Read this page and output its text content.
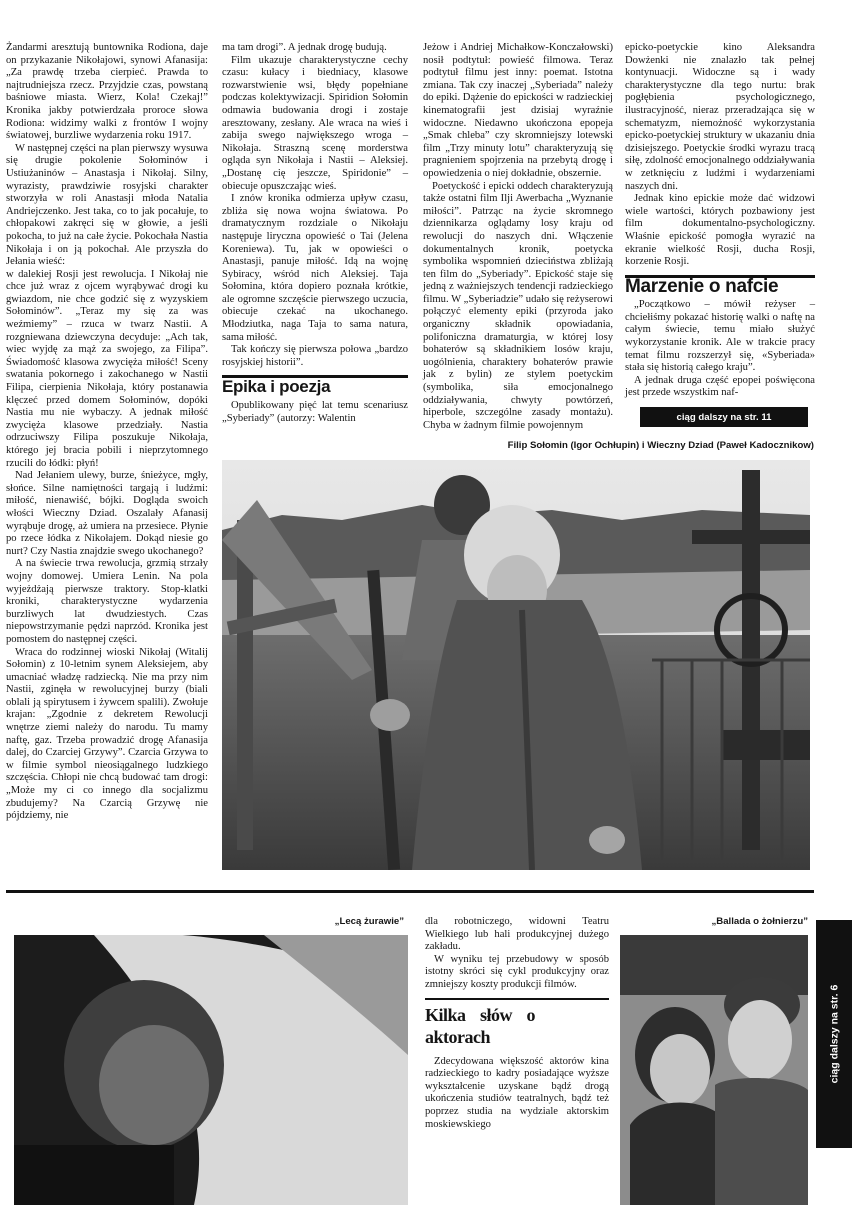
Żandarmi aresztują buntownika Rodiona, daje on przykazanie Nikołajowi, synowi Afanasija: „Za prawdę trzeba cierpieć. Prawda to najtrudniejsza rzecz. Przyjdzie czas, powstaną baśniowe miasta. Wierz, Kola! Czekaj!” Kronika jakby potwierdzała proroce słowa Rodiona: widzimy walki z frontów I wojny światowej, burzliwe wydarzenia roku 1917.

W następnej części na plan pierwszy wysuwa się drugie pokolenie Sołominów i Ustiużaninów – Anastasja i Nikołaj. Silny, wyrazisty, prawdziwie rosyjski charakter stworzyła w roli Anastasji młoda Natalia Andriejczenko. Jest taka, co to jak pocałuje, to chłopakowi zakręci się w głowie, a jeśli pokocha, to już na całe życie. Pokochała Nastia Nikołaja i on ją pokochał. Ale przyszła do Jełania wieść:

w dalekiej Rosji jest rewolucja. I Nikołaj nie chce już wraz z ojcem wyrąbywać drogi ku gwiazdom, nie chce godzić się z wyzyskiem Sołominów”. „Teraz my się za was weźmiemy” – rzuca w twarz Nastii. A rozgniewana dziewczyna decyduje: „Ach tak, wiec wyjdę za mąż za swojego, za Filipa”. Świadomość klasowa zwycięża miłość! Sceny swatania pokornego i zakochanego w Nastii Filipa, cierpienia Nikołaja, który postanawia klęczeć przed domem Sołominów, dopóki Nastia mu nie wybaczy. A jednak miłość zwycięża klasowe przedziały. Nastia odrzuciwszy Filipa poszukuje Nikołaja, którego jej bracia pobili i nieprzytomnego rzucili do łódki: płyń!

Nad Jełaniem ulewy, burze, śnieżyce, mgły, słońce. Silne namiętności targają i ludźmi: miłość, nienawiść, bójki. Dogląda swoich włości Wieczny Dziad. Oszalały Afanasij wyrąbuje drogę, aż umiera na przesiece. Płynie po rzece łódka z Nikołajem. Dokąd niesie go nurt? Czy Nastia znajdzie swego ukochanego?

A na świecie trwa rewolucja, grzmią strzały wojny domowej. Umiera Lenin. Na pola wyjeżdżają pierwsze traktory. Stop-klatki kroniki, charakterystyczne wydarzenia burzliwych lat dwudziestych. Czas niepowstrzymanie pędzi naprzód. Kronika jest pomostem do następnej części.

Wraca do rodzinnej wioski Nikołaj (Witalij Sołomin) z 10-letnim synem Aleksiejem, aby umacniać władzę radziecką. Nie ma przy nim Nastii, zginęła w rewolucyjnej burzy (biali oblali ją spirytusem i żywcem spalili). Zwołuje krajan: „Zgodnie z dekretem Rewolucji wnętrze ziemi należy do narodu. Tu mamy naftę, gaz. Trzeba prowadzić drogę Afanasija dalej, do Czarciej Grzywy”. Czarcia Grzywa to w filmie symbol nieosiągalnego ludzkiego szczęścia. Chłopi nie chcą budować tam drogi: „Może my ci co innego dla socjalizmu zbudujemy? Na Czarcią Grzywę nie pójdziemy, nie

ma tam drogi”. A jednak drogę budują.

Film ukazuje charakterystyczne cechy czasu: kułacy i biedniacy, klasowe rozwarstwienie wsi, błędy popełniane podczas kolektywizacji. Spiridion Sołomin odmawia budowania drogi i zostaje aresztowany, zesłany. Ale wraca na wieś i zabija swego największego wroga – Nikołaja. Straszną scenę morderstwa ogląda syn Nikołaja i Nastii – Aleksiej. „Dostanę cię jeszcze, Spiridonie” – obiecuje opuszczając wieś.

I znów kronika odmierza upływ czasu, zbliża się nowa wojna światowa. Po dramatycznym rozdziale o Nikołaju następuje liryczna opowieść o Tai (Jelena Koreniewa). Tu, jak w opowieści o Anastasji, panuje miłość. Idą na wojnę Sybiracy, wśród nich Aleksiej. Taja Sołomina, która dopiero poznała krótkie, ale ogromne szczęście pierwszego uczucia, obiecuje czekać na ukochanego. Młodziutka, naga Taja to sama natura, sama miłość.

Tak kończy się pierwsza połowa „bardzo rosyjskiej historii”.

Epika i poezja

Opublikowany pięć lat temu scenariusz „Syberiady” (autorzy: Walentin

Jeżow i Andriej Michałkow-Konczałowski) nosił podtytuł: powieść filmowa. Teraz podtytuł filmu jest inny: poemat. Istotna zmiana. Tak czy inaczej „Syberiada” należy do epiki. Dążenie do epickości w radzieckiej kinematografii jest dzisiaj wyraźnie widoczne. Niedawno ukończona epopeja „Smak chleba” czy skromniejszy lotewski film „Trzy minuty lotu” charakteryzują się pragnieniem spojrzenia na przebytą drogę i opowiedzenia o niej dokładnie, obszernie.

Poetyckość i epicki oddech charakteryzują także ostatni film Ilji Awerbacha „Wyznanie miłości”. Patrząc na życie skromnego dziennikarza oglądamy losy kraju od rewolucji do naszych dni. Włączenie dokumentalnych kronik, poetycka symbolika wspomnień dzieciństwa zbliżają ten film do „Syberiady”. Epickość staje się jedną z ważniejszych tendencji radzieckiego filmu. W „Syberiadzie” udało się reżyserowi połączyć elementy epiki (przyroda jako organiczny składnik opowiadania, polifoniczna dramaturgia, w której losy bohaterów są składnikiem losów kraju, uogólnienia, charaktery bohaterów prawie jak z bylin) ze stylem poetyckim (symbolika, siła emocjonalnego oddziaływania, chwyty powtórzeń, hiperbole, szczególne zasady montażu). Chyba w żadnym filmie powojennym

epicko-poetyckie kino Aleksandra Dowżenki nie znalazło tak pełnej kontynuacji. Widoczne są i wady charakterystyczne dla tego nurtu: brak pogłębienia psychologicznego, ilustracyjność, nieraz przeradzająca się w schematyzm, niemożność wykorzystania epicko-poetyckiej struktury w ukazaniu dnia dzisiejszego. Poetyckie środki wyrazu tracą siłę, zdolność emocjonalnego oddziaływania w zetknięciu z ludźmi i wydarzeniami naszych dni.

Jednak kino epickie może dać widzowi wiele wartości, których pozbawiony jest film dokumentalno-psychologiczny. Właśnie epickość pomogła wyrazić na ekranie wielkość Rosji, ducha Rosji, korzenie Rosji.

Marzenie o nafcie

„Początkowo – mówił reżyser – chciełiśmy pokazać historię walki o naftę na całym świecie, temu miało służyć wykorzystanie kronik. Ale w trakcie pracy temat filmu rozszerzył się, «Syberiada» stała się historią całego kraju”.

A jednak druga część epopei poświęcona jest przede wszystkim naf-

ciąg dalszy na str. 11
Filip Sołomin (Igor Ochłupin) i Wieczny Dziad (Paweł Kadocznikow)
„Lecą żurawie”	„Ballada o żołnierzu”

dla robotniczego, widowni Teatru Wielkiego lub hali produkcyjnej dużego zakładu.

W wyniku tej przebudowy w sposób istotny skróci się cykl produkcyjny oraz zmniejszy koszty produkcji filmów.

Kilka słów o aktorach

Zdecydowana większość aktorów kina radzieckiego to kadry posiadające wyższe wykształcenie uzyskane bądź drogą ukończenia studiów teatralnych, bądź też poprzez studia na wydziale aktorskim moskiewskiego

ciąg dalszy na str. 6
